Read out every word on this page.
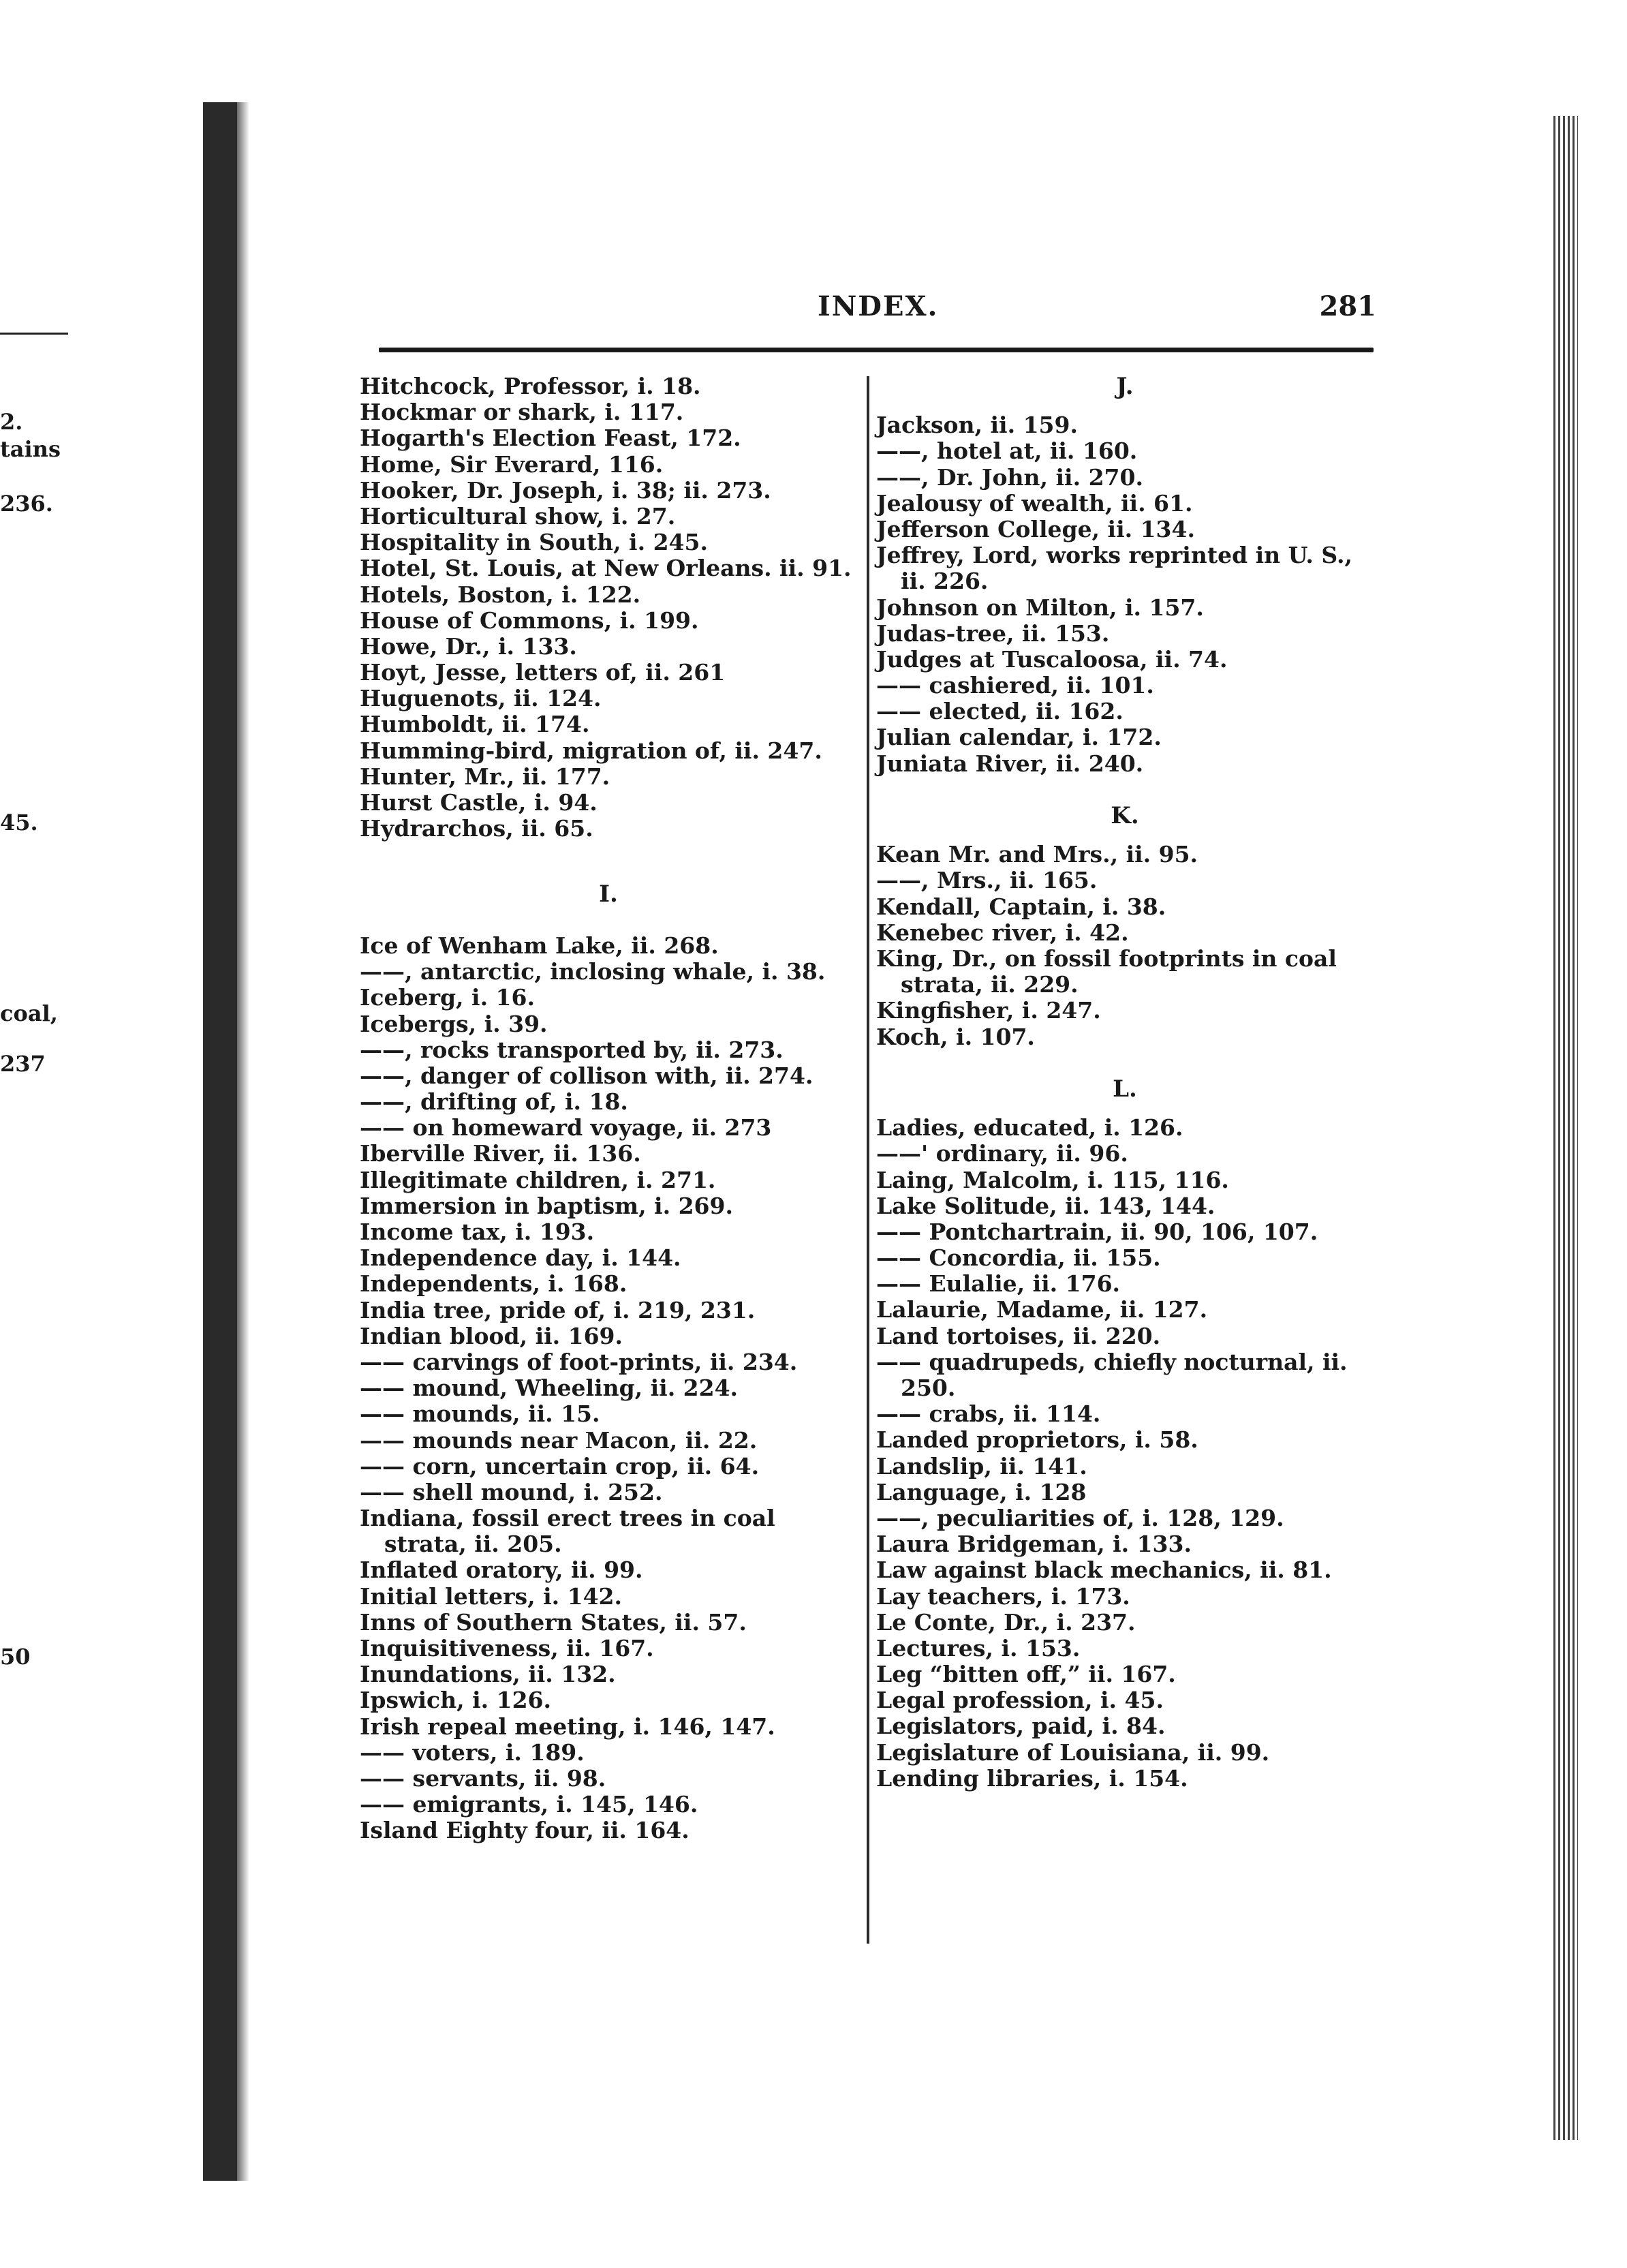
2.
tains
236.
45.
coal,
237
50
INDEX.	281
Hitchcock, Professor, i. 18.
Hockmar or shark, i. 117.
Hogarth's Election Feast, 172.
Home, Sir Everard, 116.
Hooker, Dr. Joseph, i. 38; ii. 273.
Horticultural show, i. 27.
Hospitality in South, i. 245.
Hotel, St. Louis, at New Orleans. ii. 91.
Hotels, Boston, i. 122.
House of Commons, i. 199.
Howe, Dr., i. 133.
Hoyt, Jesse, letters of, ii. 261
Huguenots, ii. 124.
Humboldt, ii. 174.
Humming-bird, migration of, ii. 247.
Hunter, Mr., ii. 177.
Hurst Castle, i. 94.
Hydrarchos, ii. 65.
I.
Ice of Wenham Lake, ii. 268.
——, antarctic, inclosing whale, i. 38.
Iceberg, i. 16.
Icebergs, i. 39.
——, rocks transported by, ii. 273.
——, danger of collison with, ii. 274.
——, drifting of, i. 18.
—— on homeward voyage, ii. 273
Iberville River, ii. 136.
Illegitimate children, i. 271.
Immersion in baptism, i. 269.
Income tax, i. 193.
Independence day, i. 144.
Independents, i. 168.
India tree, pride of, i. 219, 231.
Indian blood, ii. 169.
—— carvings of foot-prints, ii. 234.
—— mound, Wheeling, ii. 224.
—— mounds, ii. 15.
—— mounds near Macon, ii. 22.
—— corn, uncertain crop, ii. 64.
—— shell mound, i. 252.
Indiana, fossil erect trees in coal strata, ii. 205.
Inflated oratory, ii. 99.
Initial letters, i. 142.
Inns of Southern States, ii. 57.
Inquisitiveness, ii. 167.
Inundations, ii. 132.
Ipswich, i. 126.
Irish repeal meeting, i. 146, 147.
—— voters, i. 189.
—— servants, ii. 98.
—— emigrants, i. 145, 146.
Island Eighty four, ii. 164.
J.
Jackson, ii. 159.
——, hotel at, ii. 160.
——, Dr. John, ii. 270.
Jealousy of wealth, ii. 61.
Jefferson College, ii. 134.
Jeffrey, Lord, works reprinted in U. S., ii. 226.
Johnson on Milton, i. 157.
Judas-tree, ii. 153.
Judges at Tuscaloosa, ii. 74.
—— cashiered, ii. 101.
—— elected, ii. 162.
Julian calendar, i. 172.
Juniata River, ii. 240.
K.
Kean Mr. and Mrs., ii. 95.
——, Mrs., ii. 165.
Kendall, Captain, i. 38.
Kenebec river, i. 42.
King, Dr., on fossil footprints in coal strata, ii. 229.
Kingfisher, i. 247.
Koch, i. 107.
L.
Ladies, educated, i. 126.
——' ordinary, ii. 96.
Laing, Malcolm, i. 115, 116.
Lake Solitude, ii. 143, 144.
—— Pontchartrain, ii. 90, 106, 107.
—— Concordia, ii. 155.
—— Eulalie, ii. 176.
Lalaurie, Madame, ii. 127.
Land tortoises, ii. 220.
—— quadrupeds, chiefly nocturnal, ii. 250.
—— crabs, ii. 114.
Landed proprietors, i. 58.
Landslip, ii. 141.
Language, i. 128
——, peculiarities of, i. 128, 129.
Laura Bridgeman, i. 133.
Law against black mechanics, ii. 81.
Lay teachers, i. 173.
Le Conte, Dr., i. 237.
Lectures, i. 153.
Leg “bitten off,” ii. 167.
Legal profession, i. 45.
Legislators, paid, i. 84.
Legislature of Louisiana, ii. 99.
Lending libraries, i. 154.
